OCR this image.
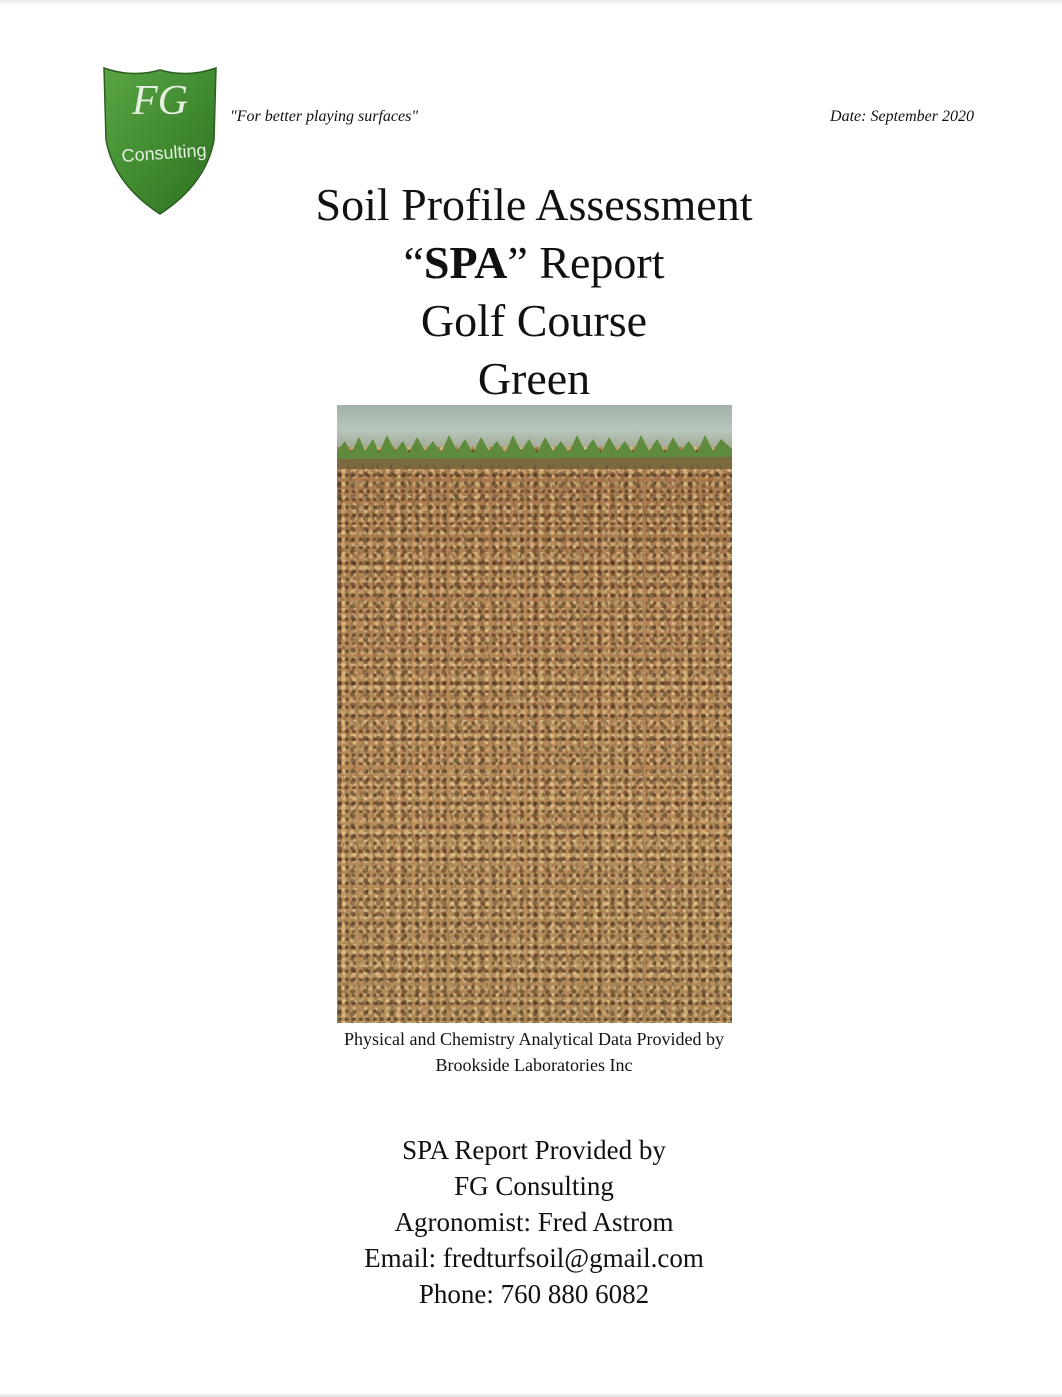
FG
Consulting
"For better playing surfaces"	Date: September 2020
Soil Profile Assessment
“SPA” Report
Golf Course
Green
Physical and Chemistry Analytical Data Provided by
Brookside Laboratories Inc
SPA Report Provided by
FG Consulting
Agronomist: Fred Astrom
Email: fredturfsoil@gmail.com
Phone: 760 880 6082
